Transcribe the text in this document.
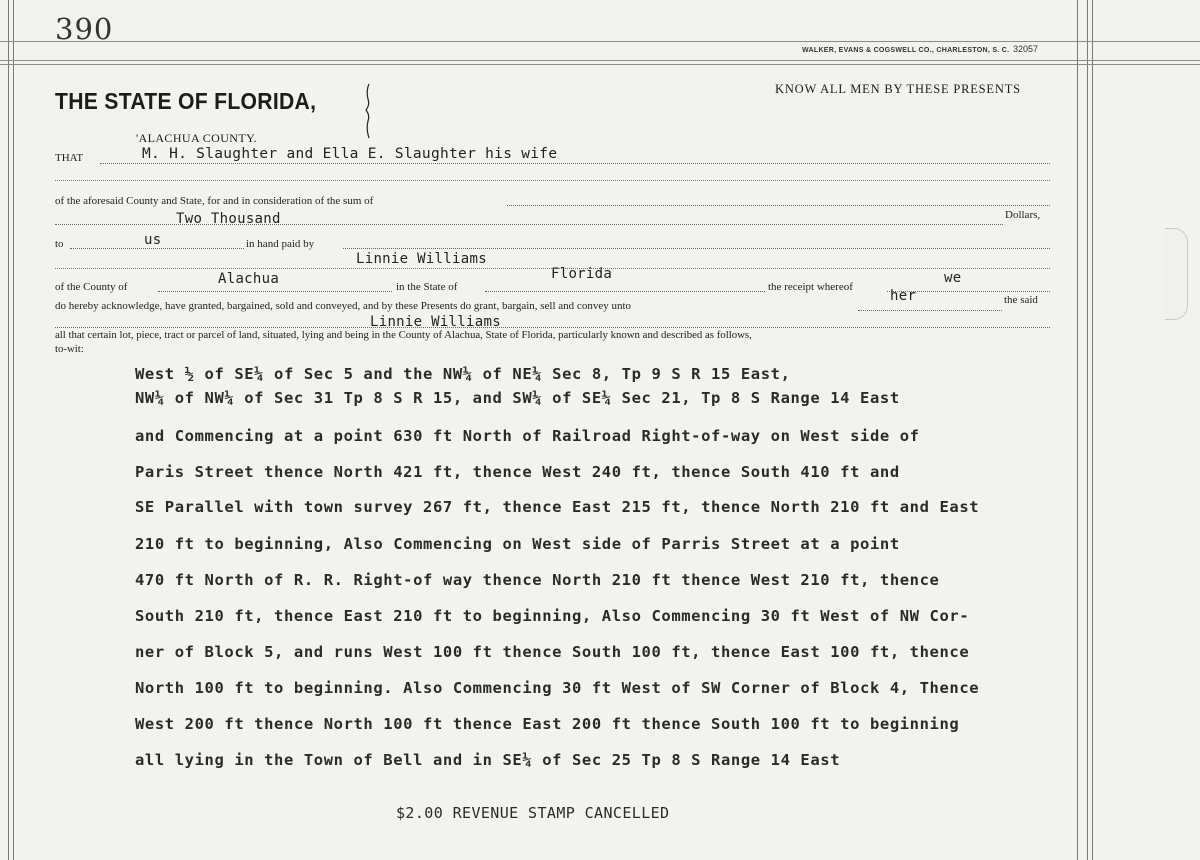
390
WALKER, EVANS & COGSWELL CO., CHARLESTON, S. C. 32057
THE STATE OF FLORIDA,
'ALACHUA COUNTY.
KNOW ALL MEN BY THESE PRESENTS
THAT	M. H. Slaughter and Ella E. Slaughter his wife
of the aforesaid County and State, for and in consideration of the sum of
Two Thousand	Dollars,
to	us	in hand paid by
Linnie Williams
of the County of	Alachua	in the State of
Florida
the receipt whereof
we
do hereby acknowledge, have granted, bargained, sold and conveyed, and by these Presents do grant, bargain, sell and convey unto
her	the said
Linnie Williams
all that certain lot, piece, tract or parcel of land, situated, lying and being in the County of Alachua, State of Florida, particularly known and described as follows,
to-wit:
West ½ of SE¼ of Sec 5 and the NW¼ of NE¼ Sec 8, Tp 9 S R 15 East,
NW¼ of NW¼ of Sec 31 Tp 8 S R 15, and SW¼ of SE¼ Sec 21, Tp 8 S Range 14 East
and Commencing at a point 630 ft North of Railroad Right-of-way on West side of
Paris Street thence North 421 ft, thence West 240 ft, thence South 410 ft and
SE Parallel with town survey 267 ft, thence East 215 ft, thence North 210 ft and East
210 ft to beginning, Also Commencing on West side of Parris Street at a point
470 ft North of R. R. Right-of way thence North 210 ft thence West 210 ft, thence
South 210 ft, thence East 210 ft to beginning, Also Commencing 30 ft West of NW Cor-
ner of Block 5, and runs West 100 ft thence South 100 ft, thence East 100 ft, thence
North 100 ft to beginning. Also Commencing 30 ft West of SW Corner of Block 4, Thence
West 200 ft thence North 100 ft thence East 200 ft thence South 100 ft to beginning
all lying in the Town of Bell and in SE¼ of Sec 25 Tp 8 S Range 14 East
$2.00 REVENUE STAMP CANCELLED
